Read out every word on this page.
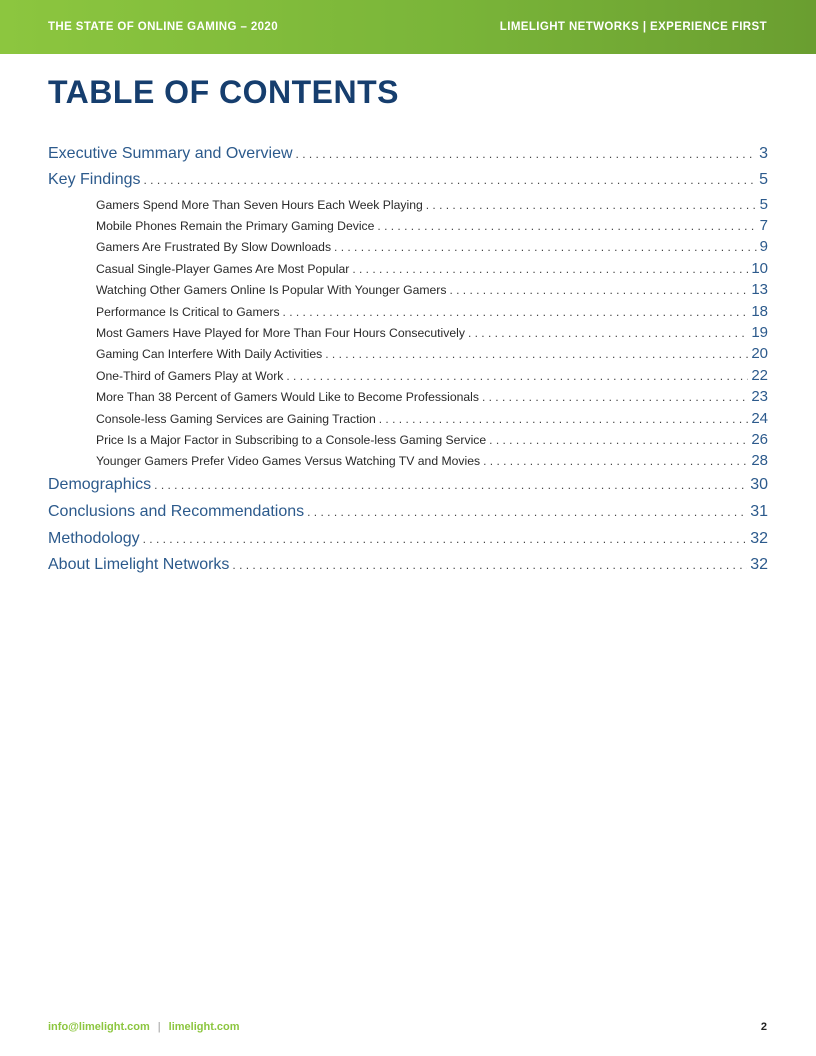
THE STATE OF ONLINE GAMING – 2020	LIMELIGHT NETWORKS | EXPERIENCE FIRST
TABLE OF CONTENTS
Executive Summary and Overview . . .	3
Key Findings . . .	5
Gamers Spend More Than Seven Hours Each Week Playing . . .	5
Mobile Phones Remain the Primary Gaming Device . . .	7
Gamers Are Frustrated By Slow Downloads . . .	9
Casual Single-Player Games Are Most Popular . . .	10
Watching Other Gamers Online Is Popular With Younger Gamers . . .	13
Performance Is Critical to Gamers . . .	18
Most Gamers Have Played for More Than Four Hours Consecutively . . .	19
Gaming Can Interfere With Daily Activities . . .	20
One-Third of Gamers Play at Work . . .	22
More Than 38 Percent of Gamers Would Like to Become Professionals . . .	23
Console-less Gaming Services are Gaining Traction . . .	24
Price Is a Major Factor in Subscribing to a Console-less Gaming Service . . .	26
Younger Gamers Prefer Video Games Versus Watching TV and Movies . . .	28
Demographics . . .	30
Conclusions and Recommendations . . .	31
Methodology . . .	32
About Limelight Networks . . .	32
info@limelight.com | limelight.com	2
